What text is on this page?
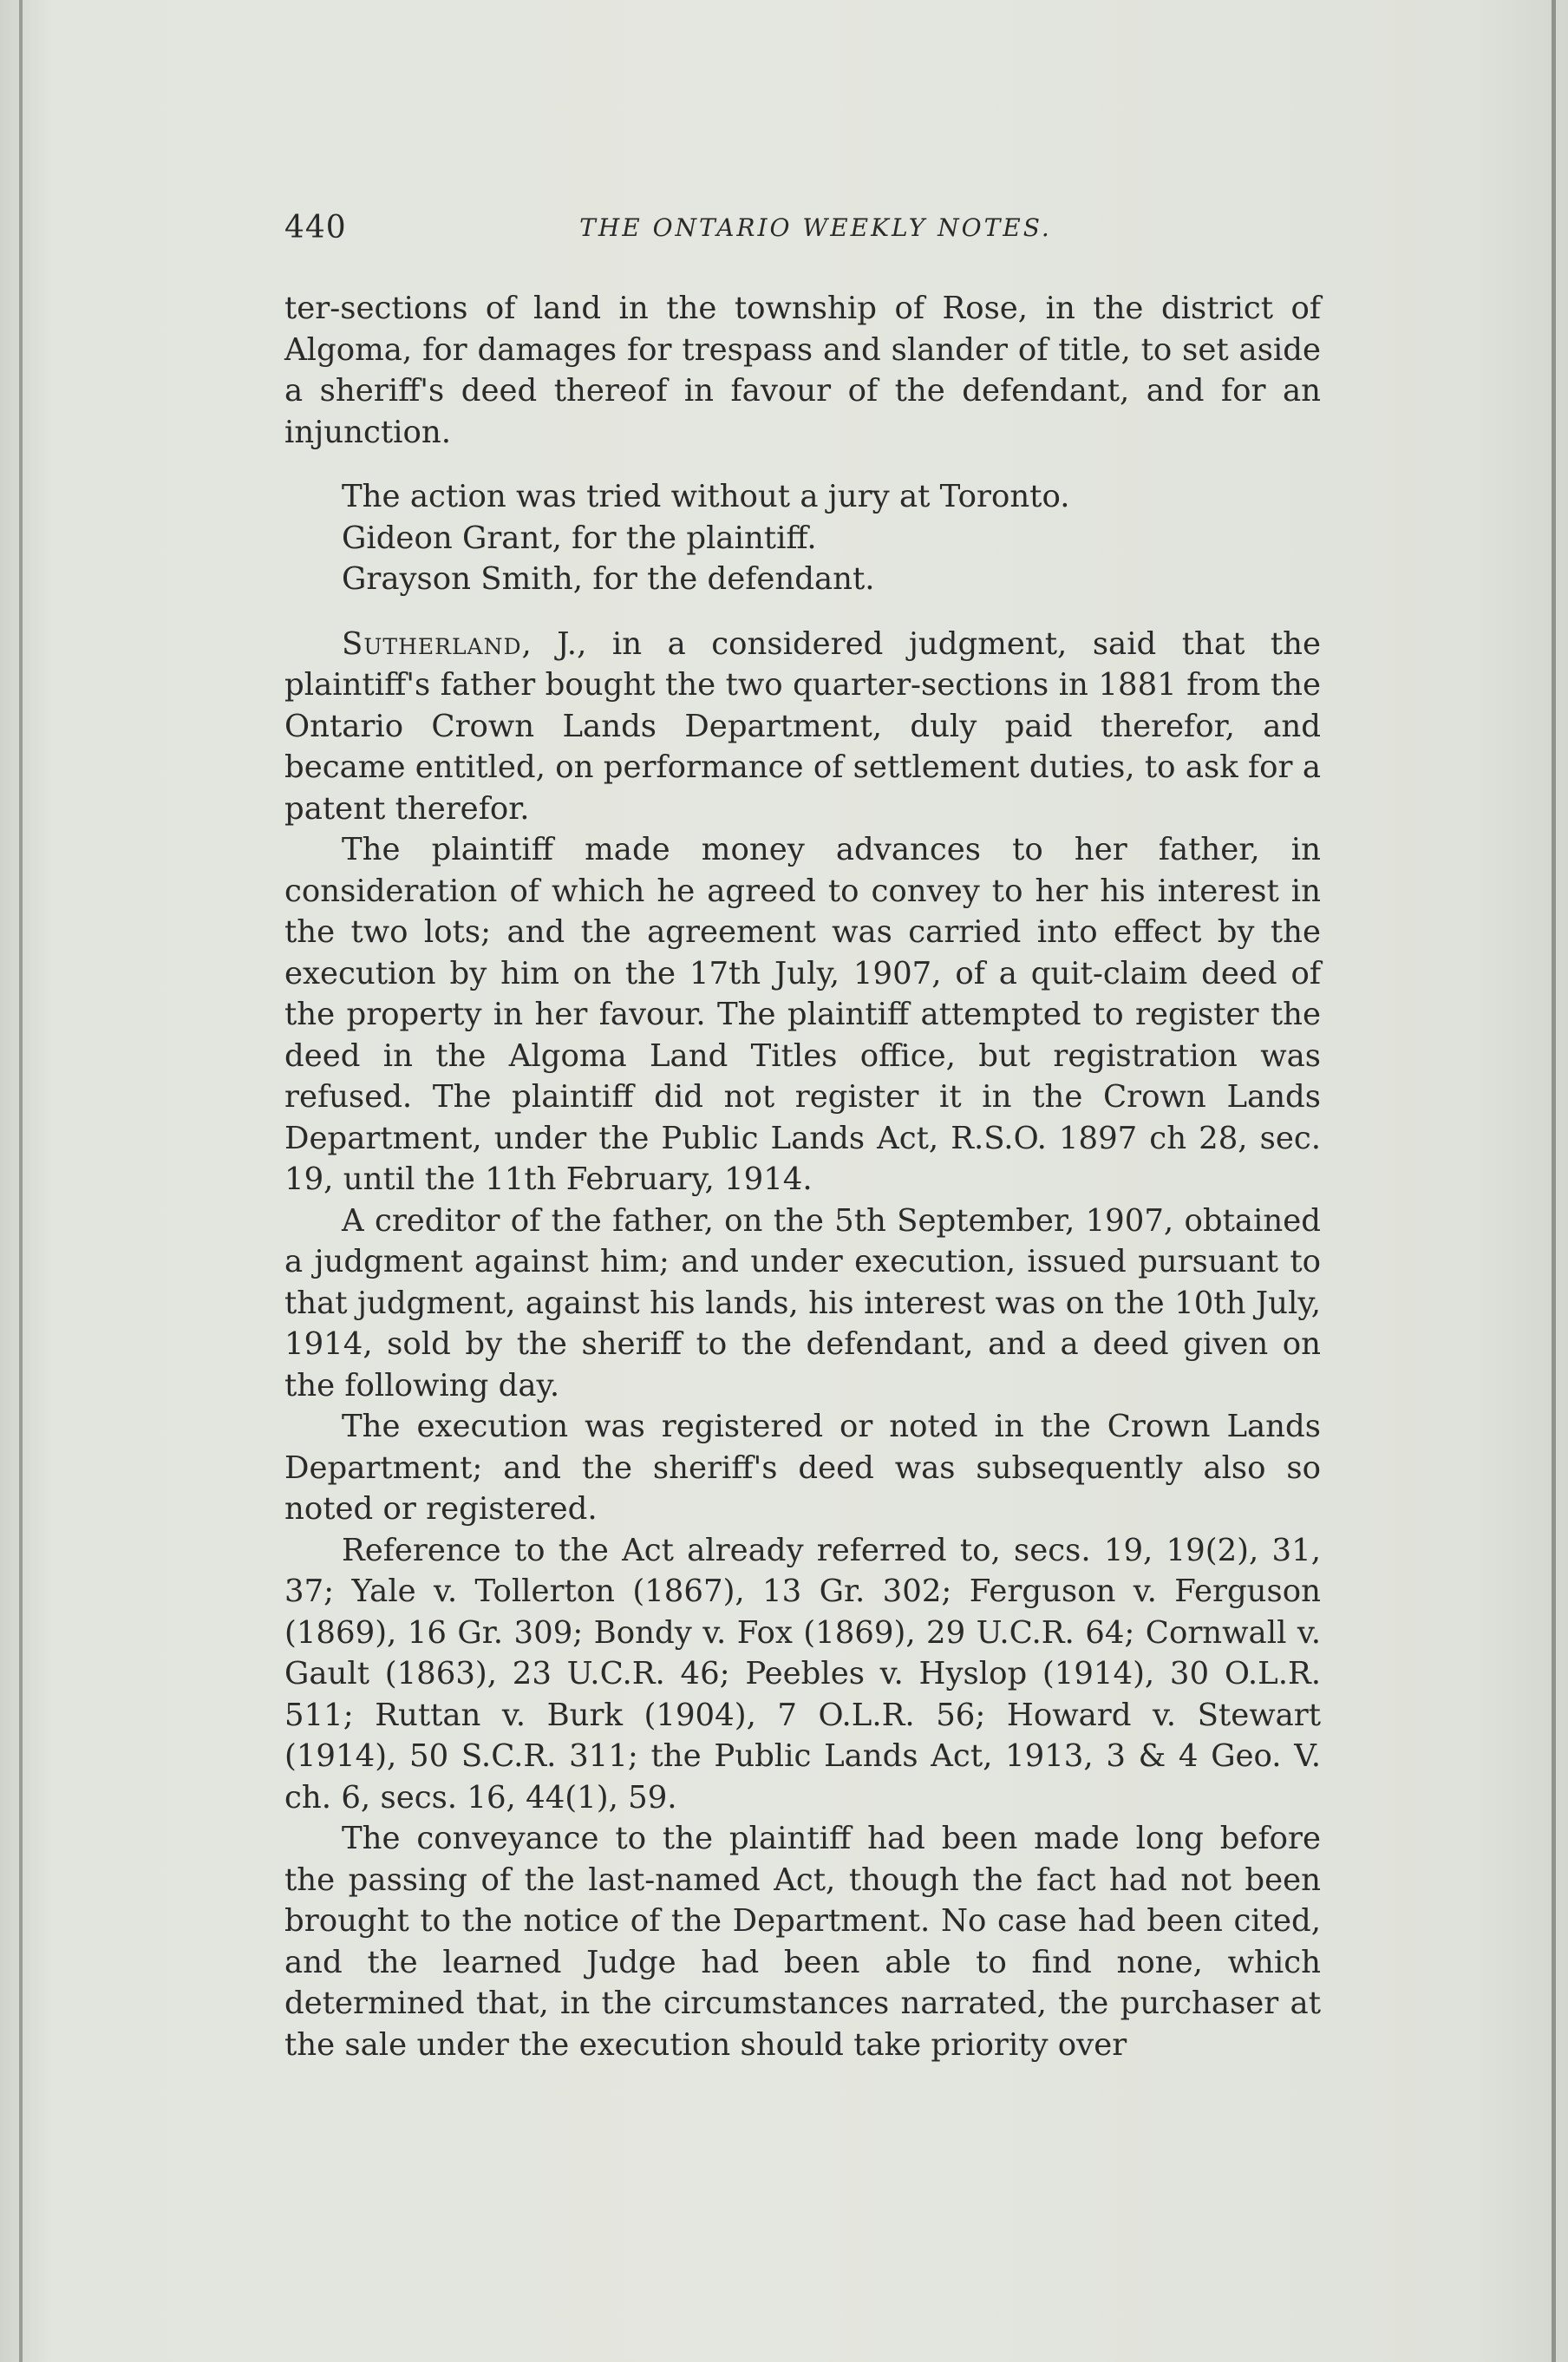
440	THE ONTARIO WEEKLY NOTES.

ter-sections of land in the township of Rose, in the district of Algoma, for damages for trespass and slander of title, to set aside a sheriff's deed thereof in favour of the defendant, and for an injunction.

The action was tried without a jury at Toronto.

Gideon Grant, for the plaintiff.

Grayson Smith, for the defendant.

Sutherland, J., in a considered judgment, said that the plaintiff's father bought the two quarter-sections in 1881 from the Ontario Crown Lands Department, duly paid therefor, and became entitled, on performance of settlement duties, to ask for a patent therefor.

The plaintiff made money advances to her father, in consideration of which he agreed to convey to her his interest in the two lots; and the agreement was carried into effect by the execution by him on the 17th July, 1907, of a quit-claim deed of the property in her favour. The plaintiff attempted to register the deed in the Algoma Land Titles office, but registration was refused. The plaintiff did not register it in the Crown Lands Department, under the Public Lands Act, R.S.O. 1897 ch 28, sec. 19, until the 11th February, 1914.

A creditor of the father, on the 5th September, 1907, obtained a judgment against him; and under execution, issued pursuant to that judgment, against his lands, his interest was on the 10th July, 1914, sold by the sheriff to the defendant, and a deed given on the following day.

The execution was registered or noted in the Crown Lands Department; and the sheriff's deed was subsequently also so noted or registered.

Reference to the Act already referred to, secs. 19, 19(2), 31, 37; Yale v. Tollerton (1867), 13 Gr. 302; Ferguson v. Ferguson (1869), 16 Gr. 309; Bondy v. Fox (1869), 29 U.C.R. 64; Cornwall v. Gault (1863), 23 U.C.R. 46; Peebles v. Hyslop (1914), 30 O.L.R. 511; Ruttan v. Burk (1904), 7 O.L.R. 56; Howard v. Stewart (1914), 50 S.C.R. 311; the Public Lands Act, 1913, 3 & 4 Geo. V. ch. 6, secs. 16, 44(1), 59.

The conveyance to the plaintiff had been made long before the passing of the last-named Act, though the fact had not been brought to the notice of the Department. No case had been cited, and the learned Judge had been able to find none, which determined that, in the circumstances narrated, the purchaser at the sale under the execution should take priority over
